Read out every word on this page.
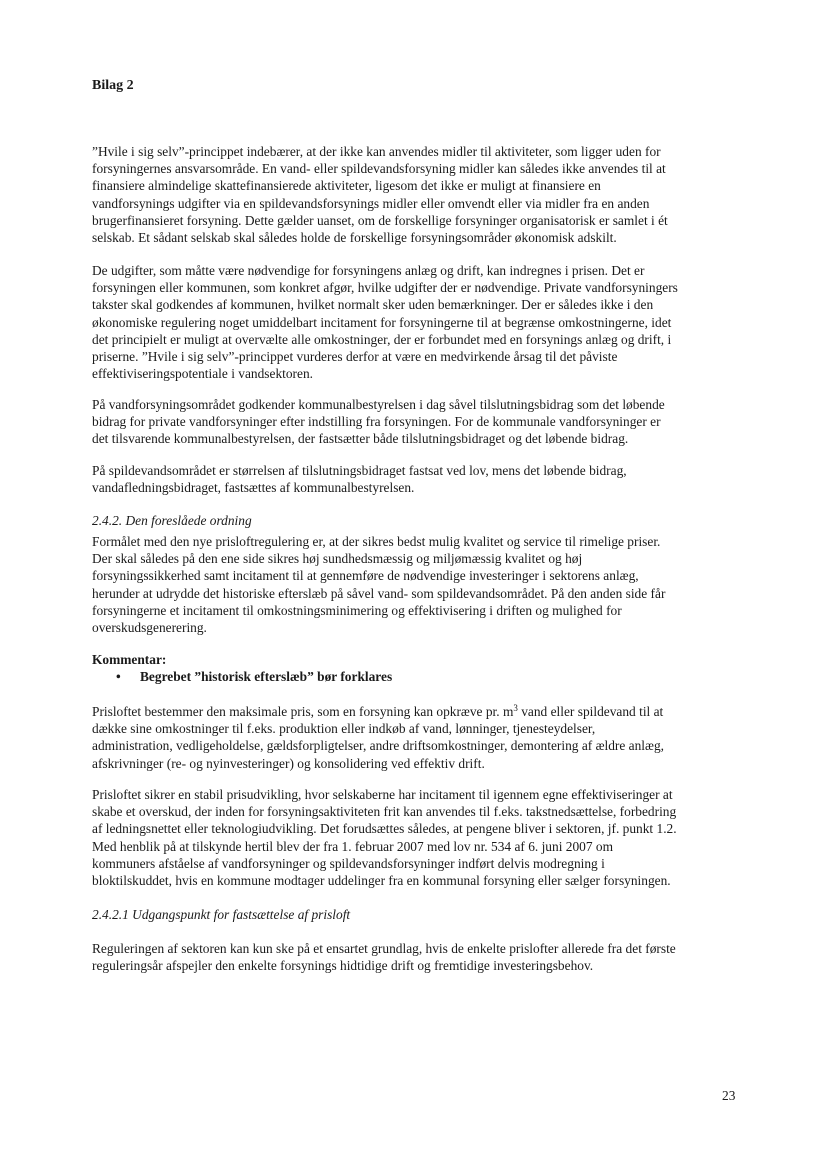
Bilag 2
”Hvile i sig selv”-princippet indebærer, at der ikke kan anvendes midler til aktiviteter, som ligger uden for
forsyningernes ansvarsområde. En vand- eller spildevandsforsyning midler kan således ikke anvendes til at
finansiere almindelige skattefinansierede aktiviteter, ligesom det ikke er muligt at finansiere en
vandforsynings udgifter via en spildevandsforsynings midler eller omvendt eller via midler fra en anden
brugerfinansieret forsyning. Dette gælder uanset, om de forskellige forsyninger organisatorisk er samlet i ét
selskab. Et sådant selskab skal således holde de forskellige forsyningsområder økonomisk adskilt.
De udgifter, som måtte være nødvendige for forsyningens anlæg og drift, kan indregnes i prisen. Det er
forsyningen eller kommunen, som konkret afgør, hvilke udgifter der er nødvendige. Private vandforsyningers
takster skal godkendes af kommunen, hvilket normalt sker uden bemærkninger. Der er således ikke i den
økonomiske regulering noget umiddelbart incitament for forsyningerne til at begrænse omkostningerne, idet
det principielt er muligt at overvælte alle omkostninger, der er forbundet med en forsynings anlæg og drift, i
priserne. ”Hvile i sig selv”-princippet vurderes derfor at være en medvirkende årsag til det påviste
effektiviseringspotentiale i vandsektoren.
På vandforsyningsområdet godkender kommunalbestyrelsen i dag såvel tilslutningsbidrag som det løbende
bidrag for private vandforsyninger efter indstilling fra forsyningen. For de kommunale vandforsyninger er
det tilsvarende kommunalbestyrelsen, der fastsætter både tilslutningsbidraget og det løbende bidrag.
På spildevandsområdet er størrelsen af tilslutningsbidraget fastsat ved lov, mens det løbende bidrag,
vandafledningsbidraget, fastsættes af kommunalbestyrelsen.
2.4.2. Den foreslåede ordning
Formålet med den nye prisloftregulering er, at der sikres bedst mulig kvalitet og service til rimelige priser.
Der skal således på den ene side sikres høj sundhedsmæssig og miljømæssig kvalitet og høj
forsyningssikkerhed samt incitament til at gennemføre de nødvendige investeringer i sektorens anlæg,
herunder at udrydde det historiske efterslæb på såvel vand- som spildevandsområdet. På den anden side får
forsyningerne et incitament til omkostningsminimering og effektivisering i driften og mulighed for
overskudsgenerering.
Kommentar:
•	Begrebet ”historisk efterslæb” bør forklares
Prisloftet bestemmer den maksimale pris, som en forsyning kan opkræve pr. $m^3$ vand eller spildevand til at
dække sine omkostninger til f.eks. produktion eller indkøb af vand, lønninger, tjenesteydelser,
administration, vedligeholdelse, gældsforpligtelser, andre driftsomkostninger, demontering af ældre anlæg,
afskrivninger (re- og nyinvesteringer) og konsolidering ved effektiv drift.
Prisloftet sikrer en stabil prisudvikling, hvor selskaberne har incitament til igennem egne effektiviseringer at
skabe et overskud, der inden for forsyningsaktiviteten frit kan anvendes til f.eks. takstnedsættelse, forbedring
af ledningsnettet eller teknologiudvikling. Det forudsættes således, at pengene bliver i sektoren, jf. punkt 1.2.
Med henblik på at tilskynde hertil blev der fra 1. februar 2007 med lov nr. 534 af 6. juni 2007 om
kommuners afståelse af vandforsyninger og spildevandsforsyninger indført delvis modregning i
bloktilskuddet, hvis en kommune modtager uddelinger fra en kommunal forsyning eller sælger forsyningen.
2.4.2.1 Udgangspunkt for fastsættelse af prisloft
Reguleringen af sektoren kan kun ske på et ensartet grundlag, hvis de enkelte prislofter allerede fra det første
reguleringsår afspejler den enkelte forsynings hidtidige drift og fremtidige investeringsbehov.
23
